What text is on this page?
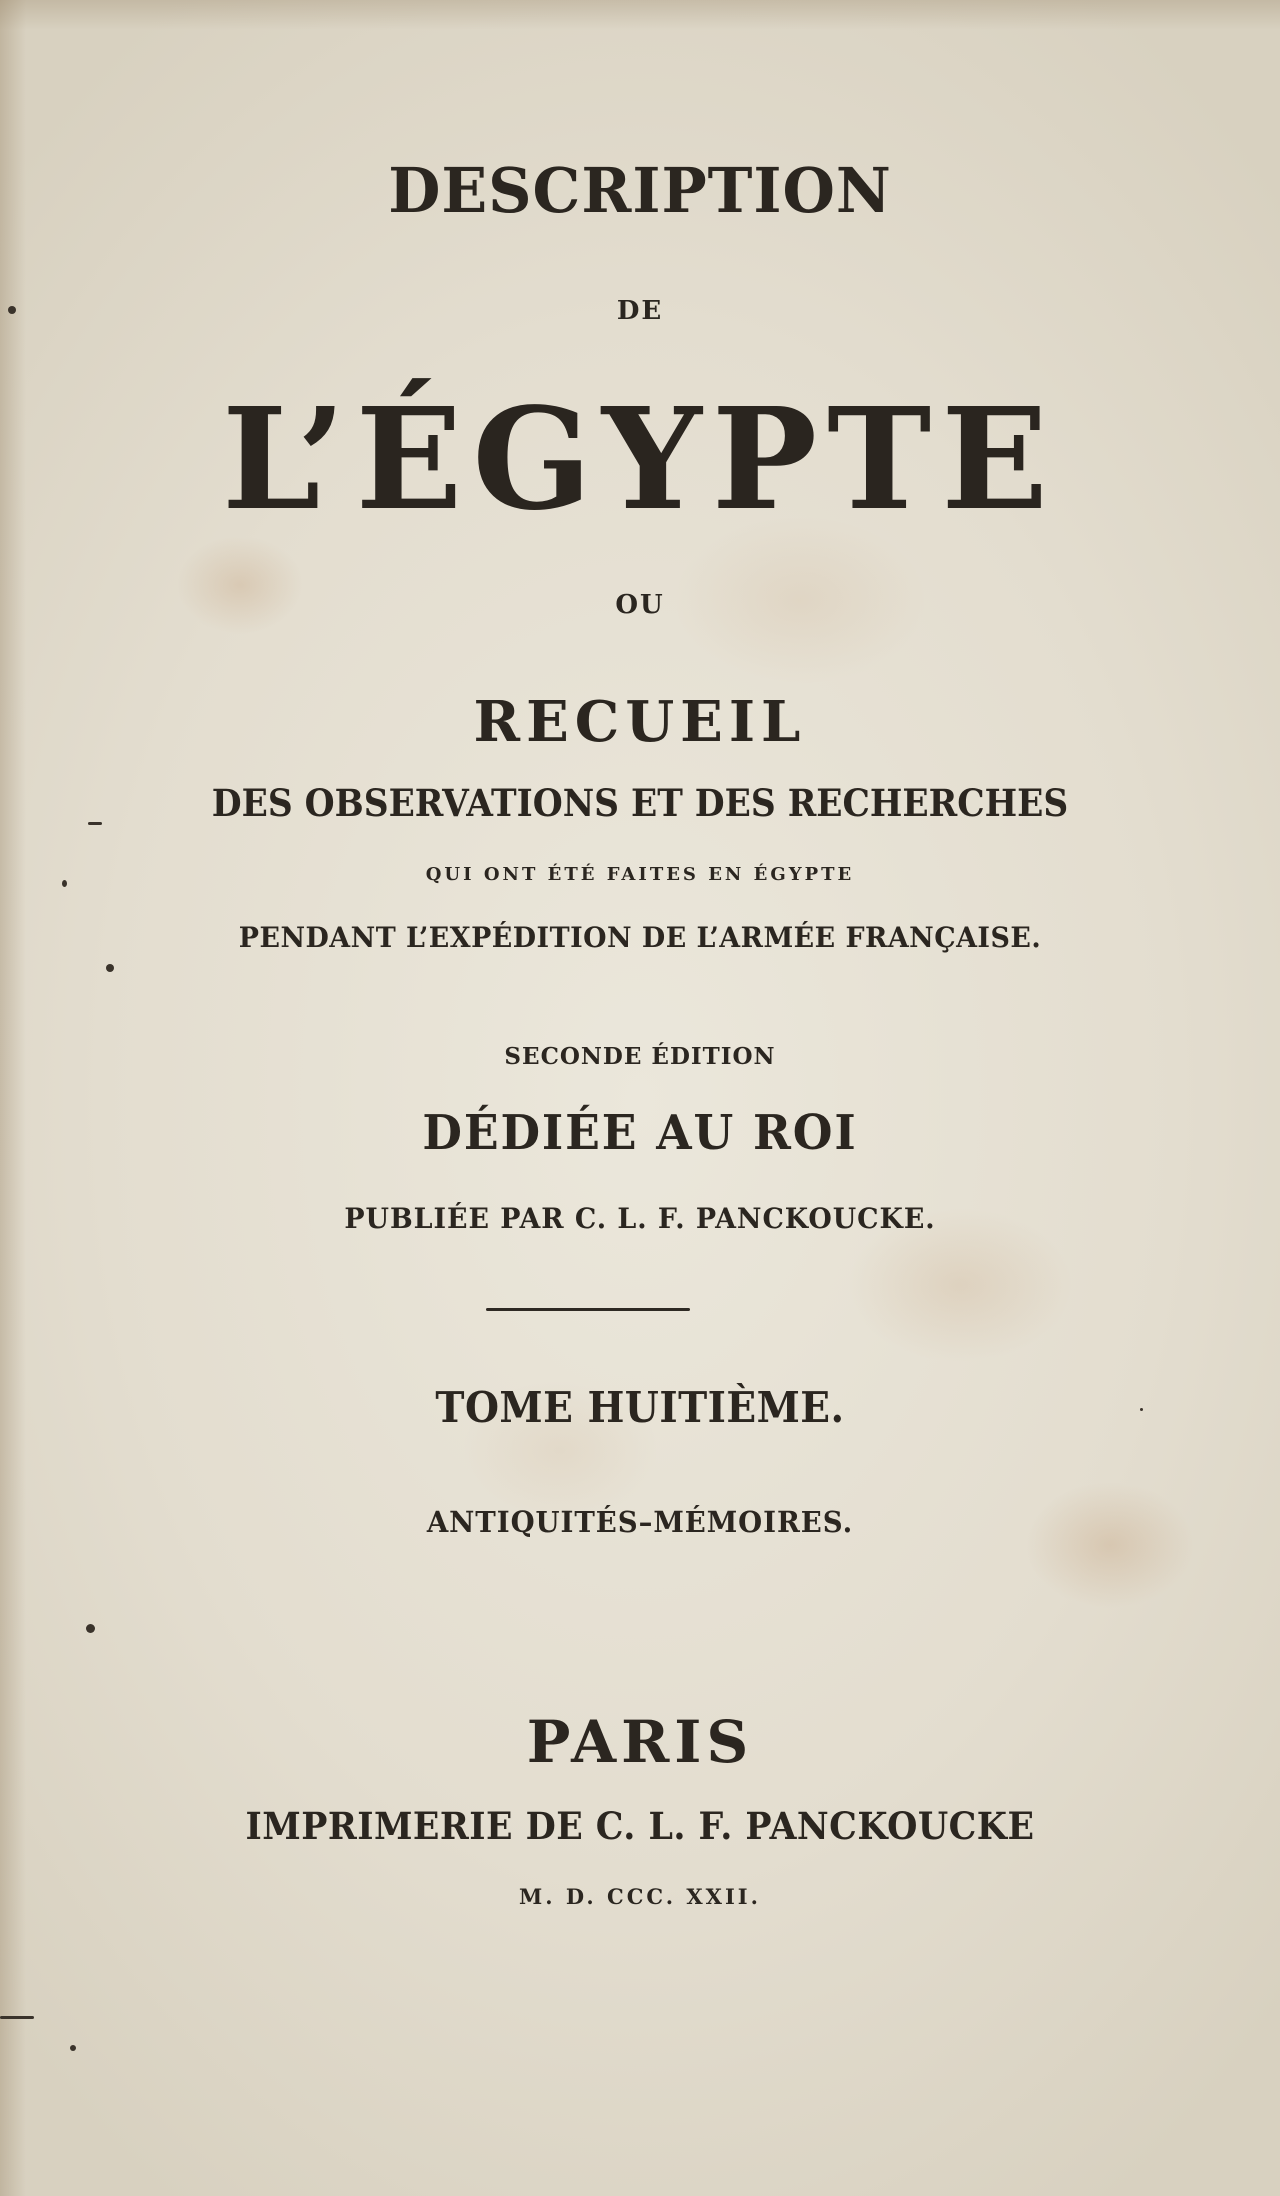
DESCRIPTION

DE

L’ÉGYPTE

OU

RECUEIL

DES OBSERVATIONS ET DES RECHERCHES

QUI ONT ÉTÉ FAITES EN ÉGYPTE

PENDANT L’EXPÉDITION DE L’ARMÉE FRANÇAISE.

SECONDE ÉDITION

DÉDIÉE AU ROI

PUBLIÉE PAR C. L. F. PANCKOUCKE.

TOME HUITIÈME.

ANTIQUITÉS–MÉMOIRES.

PARIS

IMPRIMERIE DE C. L. F. PANCKOUCKE

M. D. CCC. XXII.
